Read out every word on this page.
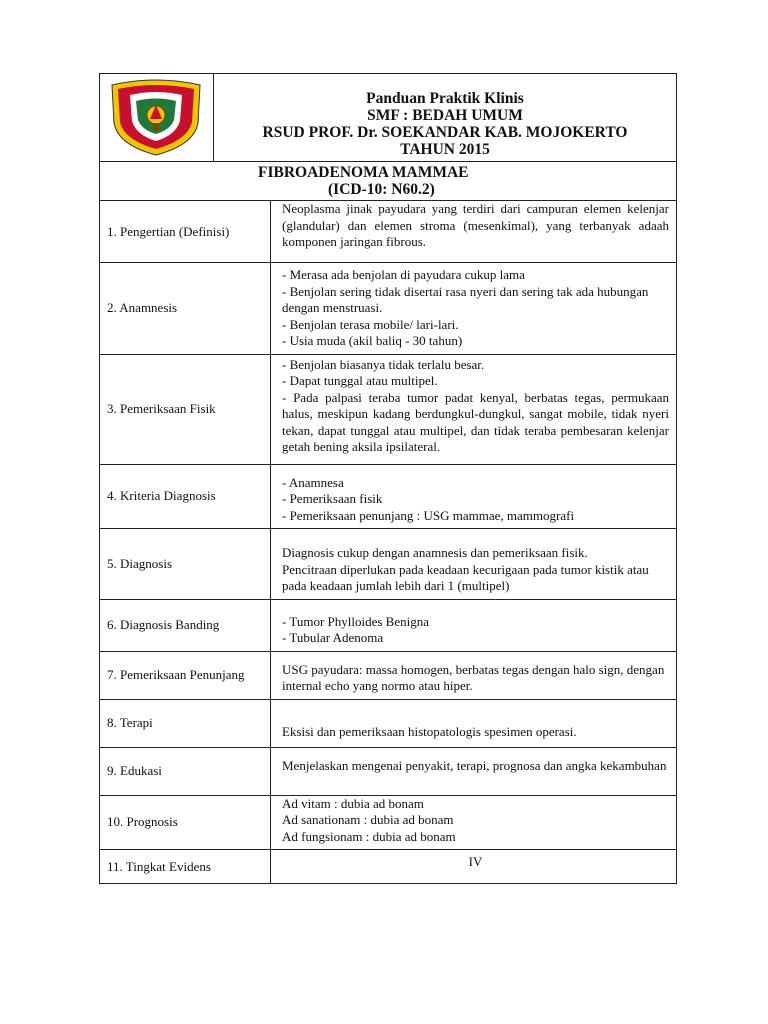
Panduan Praktik Klinis
SMF : BEDAH UMUM
RSUD PROF. Dr. SOEKANDAR KAB. MOJOKERTO
TAHUN 2015	

FIBROADENOMA MAMMAE
(ICD-10: N60.2)		

1. Pengertian (Definisi)		Neoplasma jinak payudara yang terdiri dari campuran elemen kelenjar (glandular) dan elemen stroma (mesenkimal), yang terbanyak adaah komponen jaringan fibrous.

2. Anamnesis		- Merasa ada benjolan di payudara cukup lama
- Benjolan sering tidak disertai rasa nyeri dan sering tak ada hubungan dengan menstruasi.
- Benjolan terasa mobile/ lari-lari.
- Usia muda (akil baliq - 30 tahun)

3. Pemeriksaan Fisik		- Benjolan biasanya tidak terlalu besar.
- Dapat tunggal atau multipel.
- Pada palpasi teraba tumor padat kenyal, berbatas tegas, permukaan halus, meskipun kadang berdungkul-dungkul, sangat mobile, tidak nyeri tekan, dapat tunggal atau multipel, dan tidak teraba pembesaran kelenjar getah bening aksila ipsilateral.

4. Kriteria Diagnosis		- Anamnesa
- Pemeriksaan fisik
- Pemeriksaan penunjang : USG mammae, mammografi

5. Diagnosis		Diagnosis cukup dengan anamnesis dan pemeriksaan fisik.
Pencitraan diperlukan pada keadaan kecurigaan pada tumor kistik atau pada keadaan jumlah lebih dari 1 (multipel)

6. Diagnosis Banding		- Tumor Phylloides Benigna
- Tubular Adenoma

7. Pemeriksaan Penunjang		USG payudara: massa homogen, berbatas tegas dengan halo sign, dengan internal echo yang normo atau hiper.

8. Terapi		Eksisi dan pemeriksaan histopatologis spesimen operasi.

9. Edukasi		Menjelaskan mengenai penyakit, terapi, prognosa dan angka kekambuhan

10. Prognosis		Ad vitam : dubia ad bonam
Ad sanationam : dubia ad bonam
Ad fungsionam : dubia ad bonam

11. Tingkat Evidens		IV
